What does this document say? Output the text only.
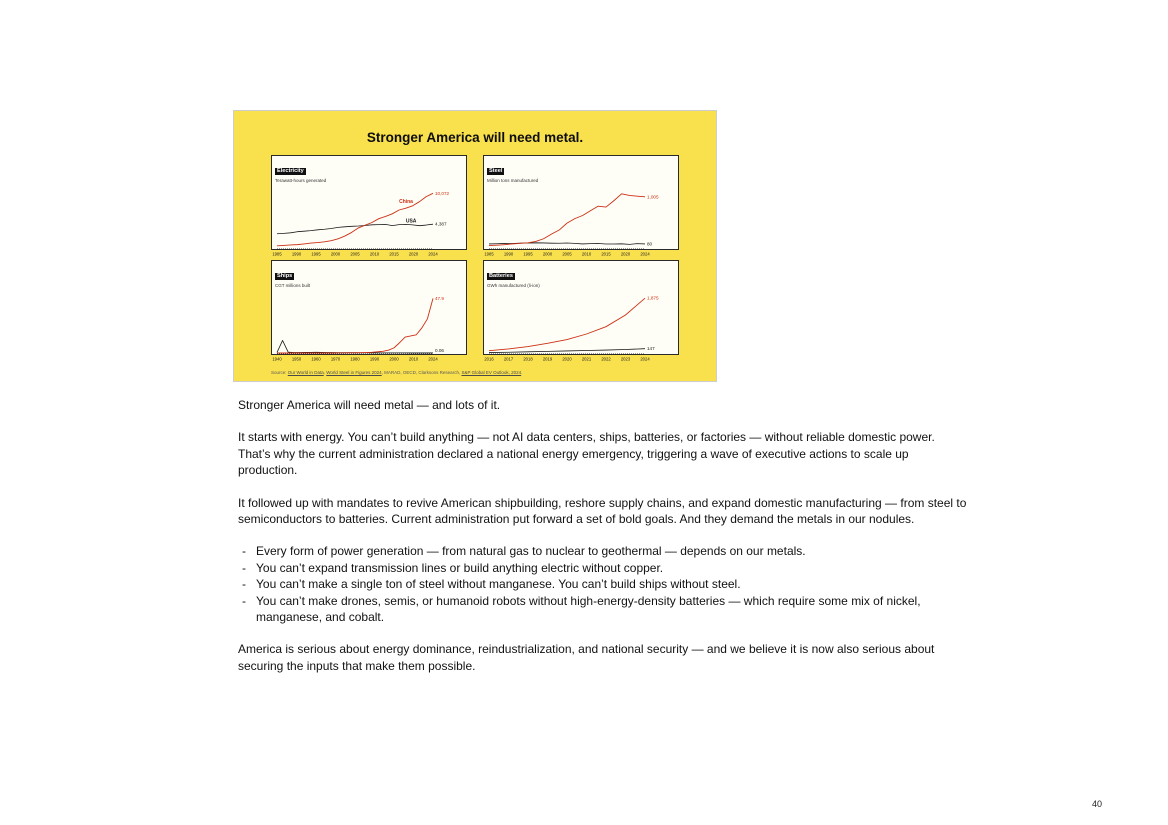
Stronger America will need metal.
Electricity
Terawatt-hours generated
1985 1990 1995 2000 2005 2010 2015 2020 2024
4,387
USA
10,072
China
Steel
Million tons manufactured
1985 1990 1995 2000 2005 2010 2015 2020 2024
80
1,005
Ships
CGT millions built
1940 1950 1960 1970 1980 1990 2000 2010 2024
0.06
47.9
Batteries
GWh manufactured (li-ion)
2016 2017 2018 2019 2020 2021 2022 2023 2024
147
1,875
Source: Our World in Data, World Steel in Figures 2024, MARAD, OECD, Clarksons Research, S&P Global EV Outlook, 2024.

Stronger America will need metal — and lots of it.

It starts with energy. You can’t build anything — not AI data centers, ships, batteries, or factories — without reliable domestic power. That’s why the current administration declared a national energy emergency, triggering a wave of executive actions to scale up production.

It followed up with mandates to revive American shipbuilding, reshore supply chains, and expand domestic manufacturing — from steel to semiconductors to batteries. Current administration put forward a set of bold goals. And they demand the metals in our nodules.

- Every form of power generation — from natural gas to nuclear to geothermal — depends on our metals.
- You can’t expand transmission lines or build anything electric without copper.
- You can’t make a single ton of steel without manganese. You can’t build ships without steel.
- You can’t make drones, semis, or humanoid robots without high-energy-density batteries — which require some mix of nickel, manganese, and cobalt.

America is serious about energy dominance, reindustrialization, and national security — and we believe it is now also serious about securing the inputs that make them possible.

40
